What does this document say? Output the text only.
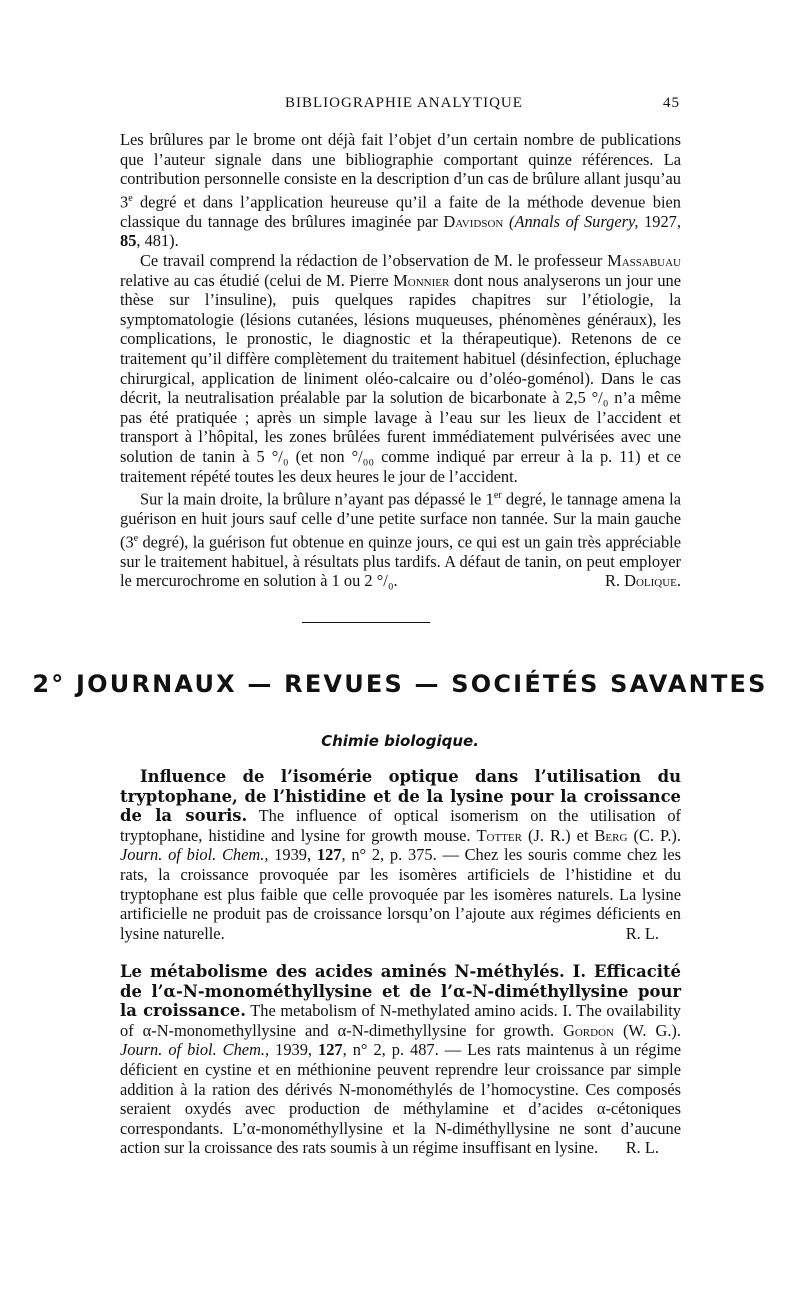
BIBLIOGRAPHIE ANALYTIQUE	45

Les brûlures par le brome ont déjà fait l’objet d’un certain nombre de publications que l’auteur signale dans une bibliographie comportant quinze références. La contribution personnelle consiste en la description d’un cas de brûlure allant jusqu’au 3e degré et dans l’application heureuse qu’il a faite de la méthode devenue bien classique du tannage des brûlures imaginée par Davidson (Annals of Surgery, 1927, 85, 481).

Ce travail comprend la rédaction de l’observation de M. le professeur Massabuau relative au cas étudié (celui de M. Pierre Monnier dont nous analyserons un jour une thèse sur l’insuline), puis quelques rapides chapitres sur l’étiologie, la symptomatologie (lésions cutanées, lésions muqueuses, phénomènes généraux), les complications, le pronostic, le diagnostic et la thérapeutique). Retenons de ce traitement qu’il diffère complètement du traitement habituel (désinfection, épluchage chirurgical, application de liniment oléo-calcaire ou d’oléo-goménol). Dans le cas décrit, la neutralisation préalable par la solution de bicarbonate à 2,5 °/₀ n’a même pas été pratiquée ; après un simple lavage à l’eau sur les lieux de l’accident et transport à l’hôpital, les zones brûlées furent immédiatement pulvérisées avec une solution de tanin à 5 °/₀ (et non °/₀₀ comme indiqué par erreur à la p. 11) et ce traitement répété toutes les deux heures le jour de l’accident.

Sur la main droite, la brûlure n’ayant pas dépassé le 1er degré, le tannage amena la guérison en huit jours sauf celle d’une petite surface non tannée. Sur la main gauche (3e degré), la guérison fut obtenue en quinze jours, ce qui est un gain très appréciable sur le traitement habituel, à résultats plus tardifs. A défaut de tanin, on peut employer le mercurochrome en solution à 1 ou 2 °/₀.	R. Dolique.

2° JOURNAUX — REVUES — SOCIÉTÉS SAVANTES
Chimie biologique.

Influence de l’isomérie optique dans l’utilisation du tryptophane, de l’histidine et de la lysine pour la croissance de la souris. The influence of optical isomerism on the utilisation of tryptophane, histidine and lysine for growth mouse. Totter (J. R.) et Berg (C. P.). Journ. of biol. Chem., 1939, 127, n° 2, p. 375. — Chez les souris comme chez les rats, la croissance provoquée par les isomères artificiels de l’histidine et du tryptophane est plus faible que celle provoquée par les isomères naturels. La lysine artificielle ne produit pas de croissance lorsqu’on l’ajoute aux régimes déficients en lysine naturelle.	R. L.

Le métabolisme des acides aminés N-méthylés. I. Efficacité de l’α-N-monométhyllysine et de l’α-N-diméthyllysine pour la croissance. The metabolism of N-methylated amino acids. I. The ovailability of α-N-monomethyllysine and α-N-dimethyllysine for growth. Gordon (W. G.). Journ. of biol. Chem., 1939, 127, n° 2, p. 487. — Les rats maintenus à un régime déficient en cystine et en méthionine peuvent reprendre leur croissance par simple addition à la ration des dérivés N-monométhylés de l’homocystine. Ces composés seraient oxydés avec production de méthylamine et d’acides α-cétoniques correspondants. L’α-monométhyllysine et la N-diméthyllysine ne sont d’aucune action sur la croissance des rats soumis à un régime insuffisant en lysine. R. L.
